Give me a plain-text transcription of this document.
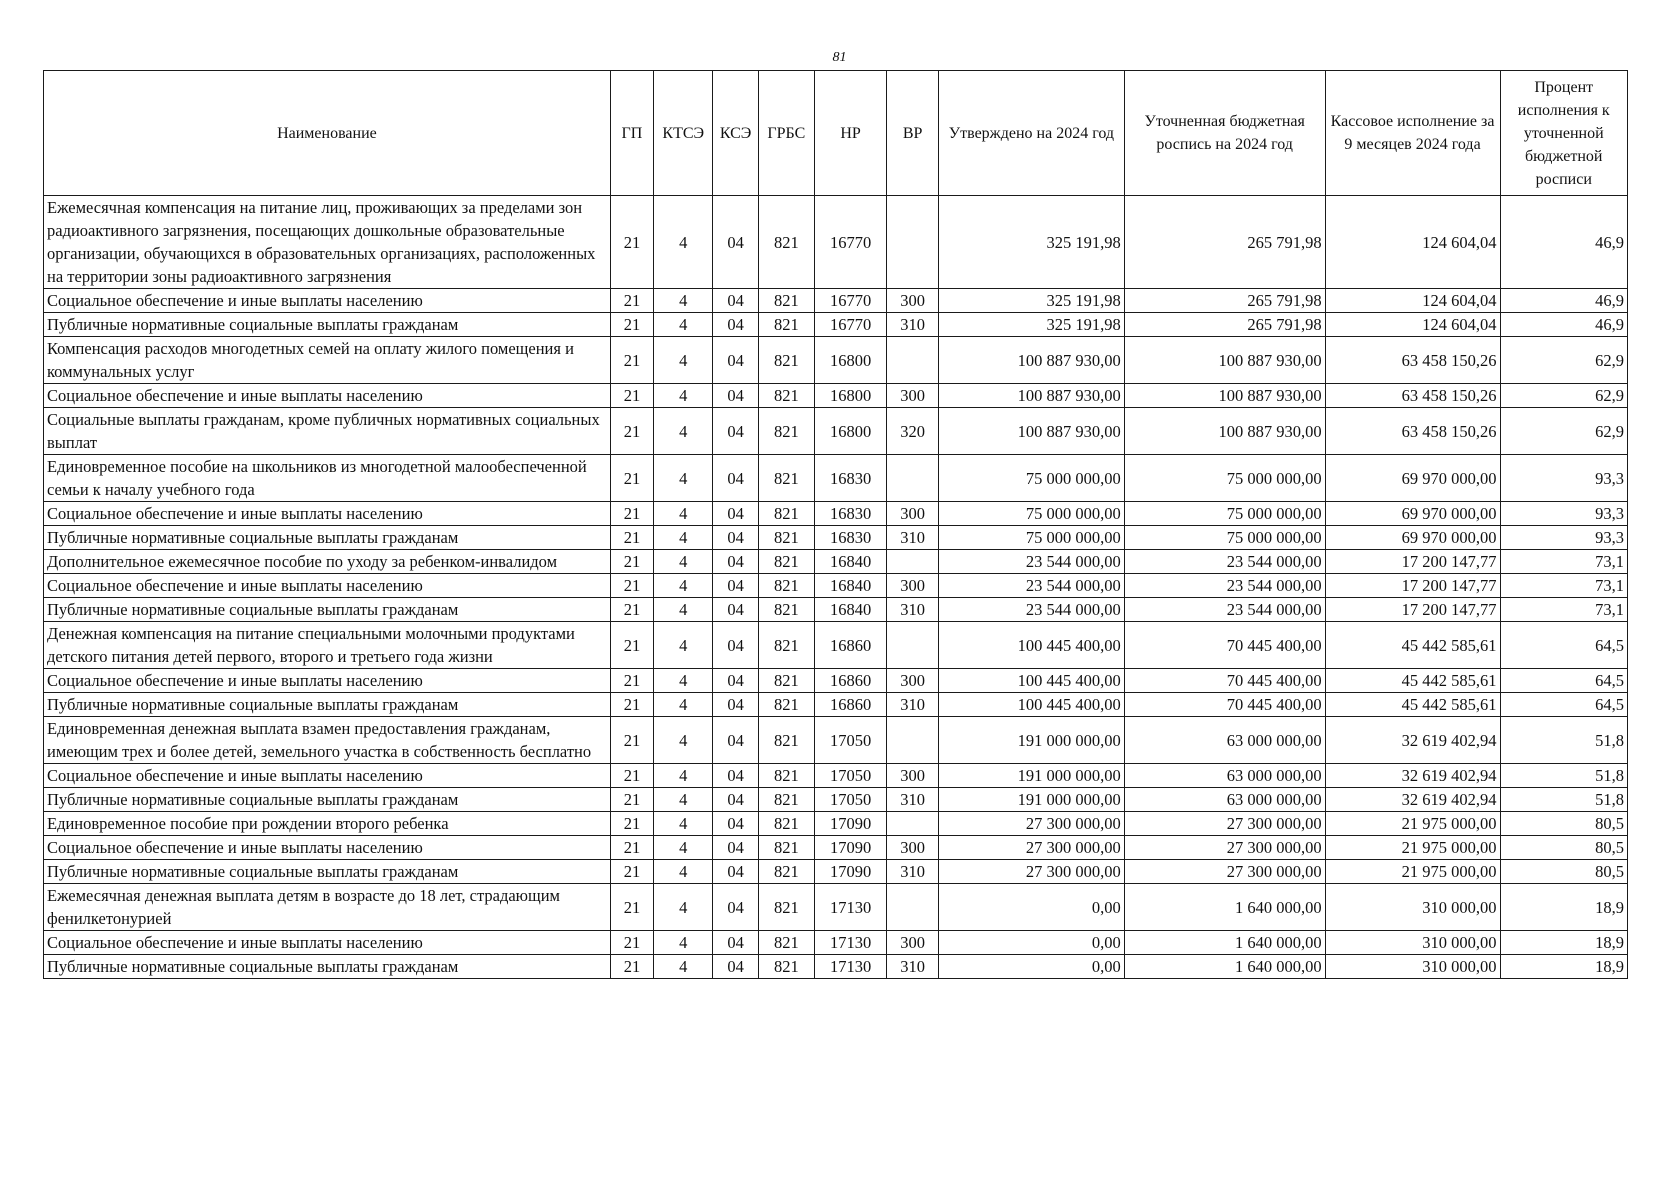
81
Наименование	ГП	КТСЭ	КСЭ	ГРБС	НР	ВР	Утверждено на 2024 год	Уточненная бюджетная роспись на 2024 год	Кассовое исполнение за 9 месяцев 2024 года	Процент исполнения к уточненной бюджетной росписи
Ежемесячная компенсация на питание лиц, проживающих за пределами зон радиоактивного загрязнения, посещающих дошкольные образовательные организации, обучающихся в образовательных организациях, расположенных на территории зоны радиоактивного загрязнения	21	4	04	821	16770		325 191,98	265 791,98	124 604,04	46,9
Социальное обеспечение и иные выплаты населению	21	4	04	821	16770	300	325 191,98	265 791,98	124 604,04	46,9
Публичные нормативные социальные выплаты гражданам	21	4	04	821	16770	310	325 191,98	265 791,98	124 604,04	46,9
Компенсация расходов многодетных семей на оплату жилого помещения и коммунальных услуг	21	4	04	821	16800		100 887 930,00	100 887 930,00	63 458 150,26	62,9
Социальное обеспечение и иные выплаты населению	21	4	04	821	16800	300	100 887 930,00	100 887 930,00	63 458 150,26	62,9
Социальные выплаты гражданам, кроме публичных нормативных социальных выплат	21	4	04	821	16800	320	100 887 930,00	100 887 930,00	63 458 150,26	62,9
Единовременное пособие на школьников из многодетной малообеспеченной семьи к началу учебного года	21	4	04	821	16830		75 000 000,00	75 000 000,00	69 970 000,00	93,3
Социальное обеспечение и иные выплаты населению	21	4	04	821	16830	300	75 000 000,00	75 000 000,00	69 970 000,00	93,3
Публичные нормативные социальные выплаты гражданам	21	4	04	821	16830	310	75 000 000,00	75 000 000,00	69 970 000,00	93,3
Дополнительное ежемесячное пособие по уходу за ребенком-инвалидом	21	4	04	821	16840		23 544 000,00	23 544 000,00	17 200 147,77	73,1
Социальное обеспечение и иные выплаты населению	21	4	04	821	16840	300	23 544 000,00	23 544 000,00	17 200 147,77	73,1
Публичные нормативные социальные выплаты гражданам	21	4	04	821	16840	310	23 544 000,00	23 544 000,00	17 200 147,77	73,1
Денежная компенсация на питание специальными молочными продуктами детского питания детей первого, второго и третьего года жизни	21	4	04	821	16860		100 445 400,00	70 445 400,00	45 442 585,61	64,5
Социальное обеспечение и иные выплаты населению	21	4	04	821	16860	300	100 445 400,00	70 445 400,00	45 442 585,61	64,5
Публичные нормативные социальные выплаты гражданам	21	4	04	821	16860	310	100 445 400,00	70 445 400,00	45 442 585,61	64,5
Единовременная денежная выплата взамен предоставления гражданам, имеющим трех и более детей, земельного участка в собственность бесплатно	21	4	04	821	17050		191 000 000,00	63 000 000,00	32 619 402,94	51,8
Социальное обеспечение и иные выплаты населению	21	4	04	821	17050	300	191 000 000,00	63 000 000,00	32 619 402,94	51,8
Публичные нормативные социальные выплаты гражданам	21	4	04	821	17050	310	191 000 000,00	63 000 000,00	32 619 402,94	51,8
Единовременное пособие при рождении второго ребенка	21	4	04	821	17090		27 300 000,00	27 300 000,00	21 975 000,00	80,5
Социальное обеспечение и иные выплаты населению	21	4	04	821	17090	300	27 300 000,00	27 300 000,00	21 975 000,00	80,5
Публичные нормативные социальные выплаты гражданам	21	4	04	821	17090	310	27 300 000,00	27 300 000,00	21 975 000,00	80,5
Ежемесячная денежная выплата детям в возрасте до 18 лет, страдающим фенилкетонурией	21	4	04	821	17130		0,00	1 640 000,00	310 000,00	18,9
Социальное обеспечение и иные выплаты населению	21	4	04	821	17130	300	0,00	1 640 000,00	310 000,00	18,9
Публичные нормативные социальные выплаты гражданам	21	4	04	821	17130	310	0,00	1 640 000,00	310 000,00	18,9
